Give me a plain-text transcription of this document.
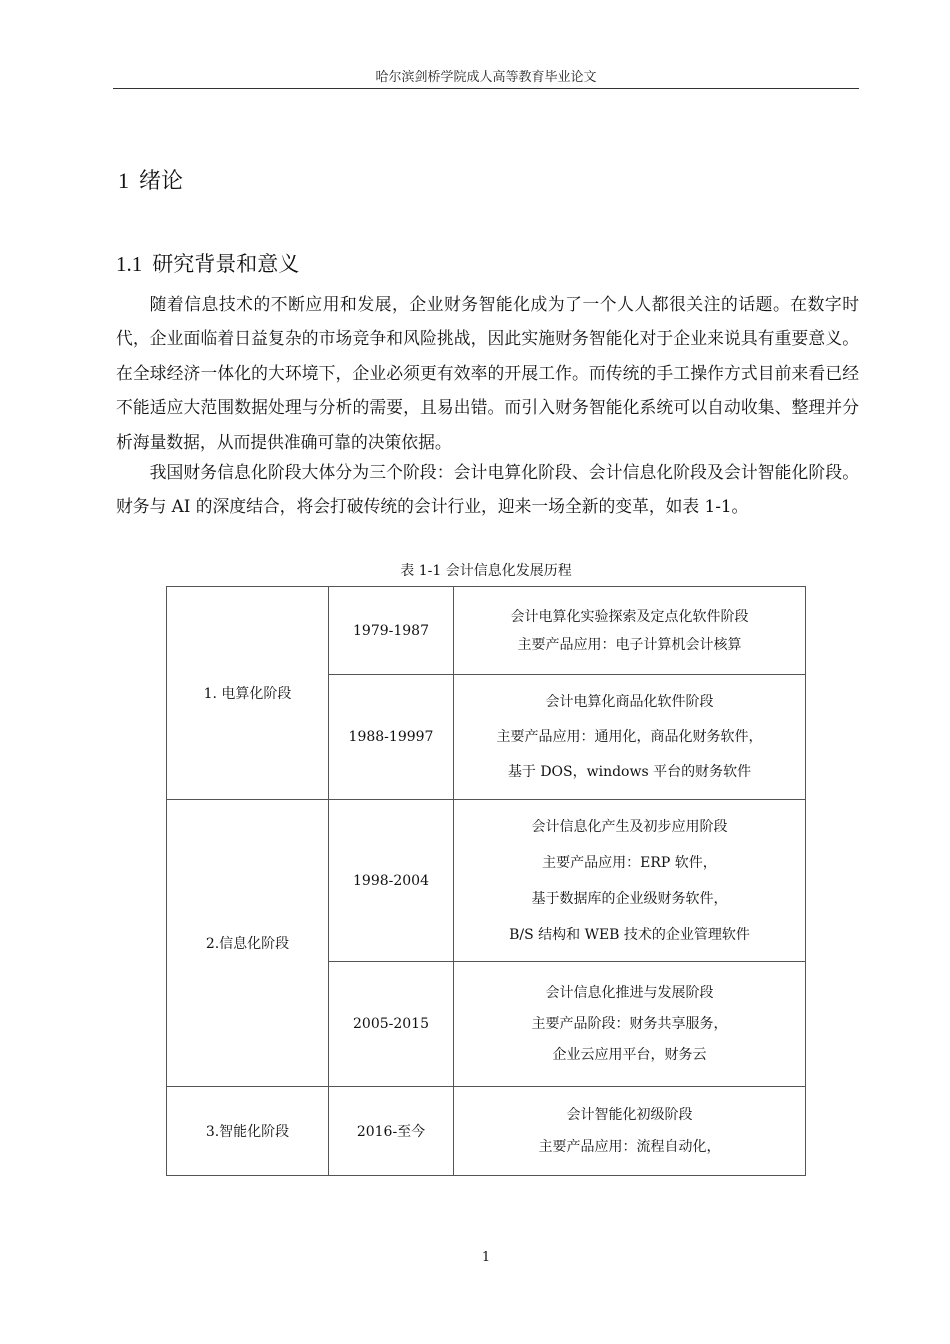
哈尔滨剑桥学院成人高等教育毕业论文
1 绪论
1.1 研究背景和意义

随着信息技术的不断应用和发展，企业财务智能化成为了一个人人都很关注的话题。在数字时代，企业面临着日益复杂的市场竞争和风险挑战，因此实施财务智能化对于企业来说具有重要意义。在全球经济一体化的大环境下，企业必须更有效率的开展工作。而传统的手工操作方式目前来看已经不能适应大范围数据处理与分析的需要，且易出错。而引入财务智能化系统可以自动收集、整理并分析海量数据，从而提供准确可靠的决策依据。

我国财务信息化阶段大体分为三个阶段：会计电算化阶段、会计信息化阶段及会计智能化阶段。财务与 AI 的深度结合，将会打破传统的会计行业，迎来一场全新的变革，如表 1-1。

表 1-1 会计信息化发展历程
1. 电算化阶段	1979-1987	会计电算化实验探索及定点化软件阶段
主要产品应用：电子计算机会计核算

	1988-19997	会计电算化商品化软件阶段
主要产品应用：通用化，商品化财务软件，
基于 DOS，windows 平台的财务软件

2.信息化阶段	1998-2004	会计信息化产生及初步应用阶段
主要产品应用：ERP 软件，
基于数据库的企业级财务软件，
B/S 结构和 WEB 技术的企业管理软件

	2005-2015	会计信息化推进与发展阶段
主要产品阶段：财务共享服务，
企业云应用平台，财务云

3.智能化阶段	2016-至今	会计智能化初级阶段
主要产品应用：流程自动化，
1
